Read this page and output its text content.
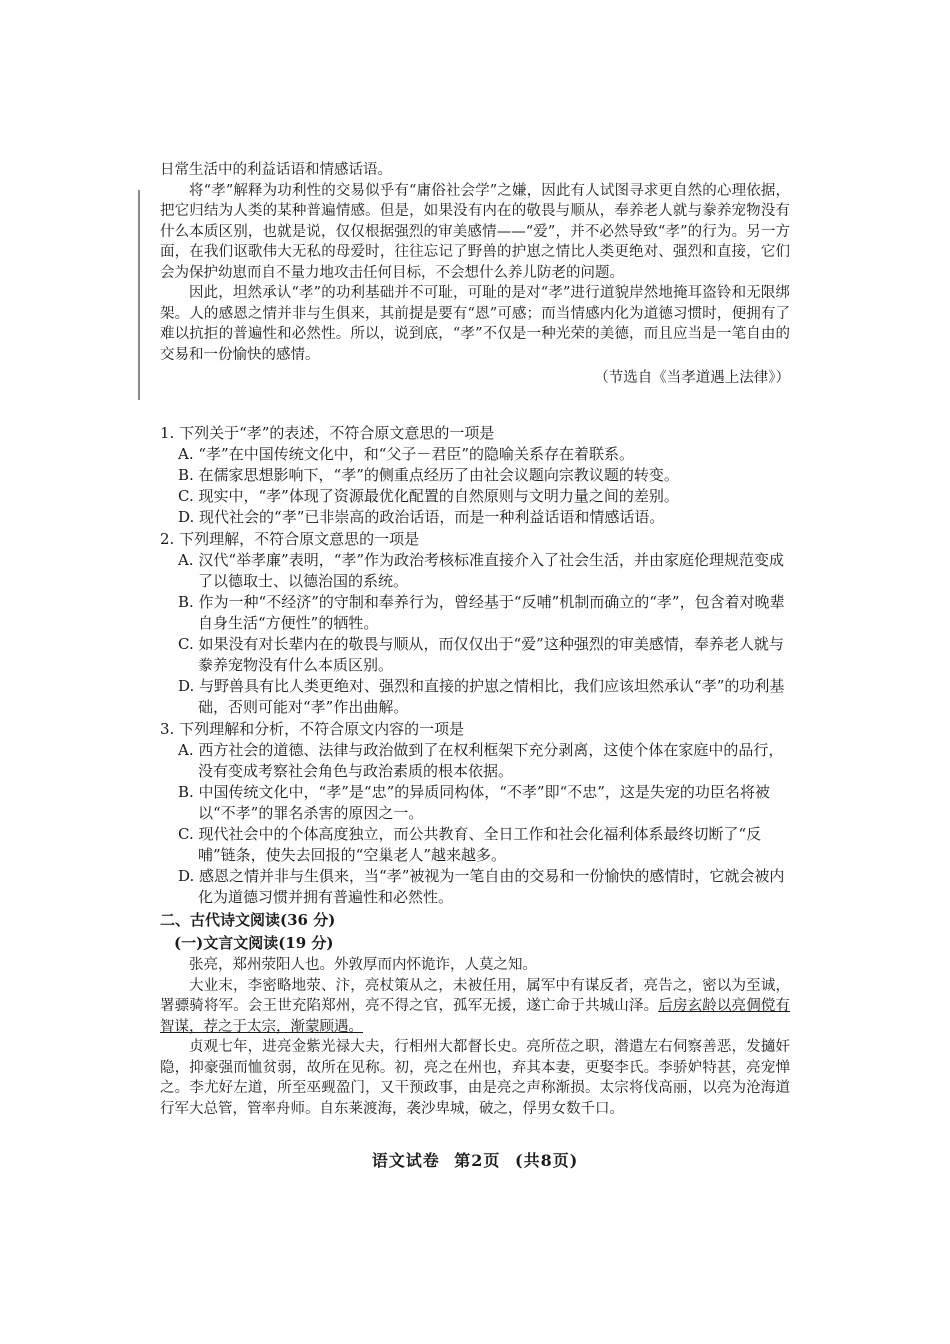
日常生活中的利益话语和情感话语。

将“孝”解释为功利性的交易似乎有“庸俗社会学”之嫌，因此有人试图寻求更自然的心理依据，把它归结为人类的某种普遍情感。但是，如果没有内在的敬畏与顺从，奉养老人就与豢养宠物没有什么本质区别，也就是说，仅仅根据强烈的审美感情——“爱”，并不必然导致“孝”的行为。另一方面，在我们讴歌伟大无私的母爱时，往往忘记了野兽的护崽之情比人类更绝对、强烈和直接，它们会为保护幼崽而自不量力地攻击任何目标，不会想什么养儿防老的问题。

因此，坦然承认“孝”的功利基础并不可耻，可耻的是对“孝”进行道貌岸然地掩耳盗铃和无限绑架。人的感恩之情并非与生俱来，其前提是要有“恩”可感；而当情感内化为道德习惯时，便拥有了难以抗拒的普遍性和必然性。所以，说到底，“孝”不仅是一种光荣的美德，而且应当是一笔自由的交易和一份愉快的感情。

（节选自《当孝道遇上法律》）

1. 下列关于“孝”的表述，不符合原文意思的一项是

A. “孝”在中国传统文化中，和“父子－君臣”的隐喻关系存在着联系。

B. 在儒家思想影响下，“孝”的侧重点经历了由社会议题向宗教议题的转变。

C. 现实中，“孝”体现了资源最优化配置的自然原则与文明力量之间的差别。

D. 现代社会的“孝”已非崇高的政治话语，而是一种利益话语和情感话语。

2. 下列理解，不符合原文意思的一项是

A. 汉代“举孝廉”表明，“孝”作为政治考核标准直接介入了社会生活，并由家庭伦理规范变成了以德取士、以德治国的系统。

B. 作为一种“不经济”的守制和奉养行为，曾经基于“反哺”机制而确立的“孝”，包含着对晚辈自身生活“方便性”的牺牲。

C. 如果没有对长辈内在的敬畏与顺从，而仅仅出于“爱”这种强烈的审美感情，奉养老人就与豢养宠物没有什么本质区别。

D. 与野兽具有比人类更绝对、强烈和直接的护崽之情相比，我们应该坦然承认“孝”的功利基础，否则可能对“孝”作出曲解。

3. 下列理解和分析，不符合原文内容的一项是

A. 西方社会的道德、法律与政治做到了在权利框架下充分剥离，这使个体在家庭中的品行，没有变成考察社会角色与政治素质的根本依据。

B. 中国传统文化中，“孝”是“忠”的异质同构体，“不孝”即“不忠”，这是失宠的功臣名将被以“不孝”的罪名杀害的原因之一。

C. 现代社会中的个体高度独立，而公共教育、全日工作和社会化福利体系最终切断了“反哺”链条，使失去回报的“空巢老人”越来越多。

D. 感恩之情并非与生俱来，当“孝”被视为一笔自由的交易和一份愉快的感情时，它就会被内化为道德习惯并拥有普遍性和必然性。

二、古代诗文阅读(36 分)

(一)文言文阅读(19 分)

张亮，郑州荥阳人也。外敦厚而内怀诡诈，人莫之知。

大业末，李密略地荥、汴，亮杖策从之，未被任用，属军中有谋反者，亮告之，密以为至诚，署骠骑将军。会王世充陷郑州，亮不得之官，孤军无援，遂亡命于共城山泽。后房玄龄以亮倜傥有智谋，荐之于太宗，渐蒙顾遇。

贞观七年，进亮金紫光禄大夫，行相州大都督长史。亮所莅之职，潜遣左右伺察善恶，发擿奸隐，抑豪强而恤贫弱，故所在见称。初，亮之在州也，弃其本妻，更娶李氏。李骄妒特甚，亮宠惮之。李尤好左道，所至巫觋盈门，又干预政事，由是亮之声称渐损。太宗将伐高丽，以亮为沧海道行军大总管，管率舟师。自东莱渡海，袭沙卑城，破之，俘男女数千口。

语文试卷 第2页 (共8页)
